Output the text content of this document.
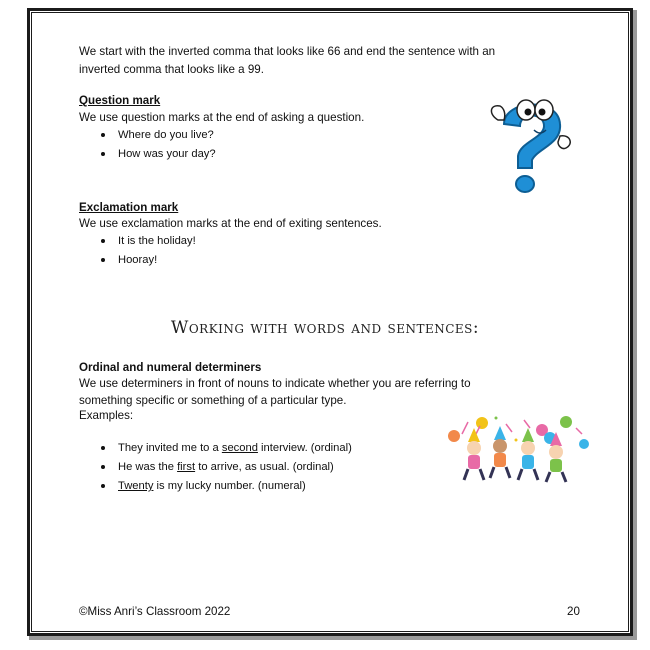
We start with the inverted comma that looks like 66 and end the sentence with an
inverted comma that looks like a 99.
Question mark
We use question marks at the end of asking a question.
Where do you live?
How was your day?
Exclamation mark
We use exclamation marks at the end of exiting sentences.
It is the holiday!
Hooray!
Working with words and sentences:
Ordinal and numeral determiners
We use determiners in front of nouns to indicate whether you are referring to
something specific or something of a particular type.
Examples:
They invited me to a second interview. (ordinal)
He was the first to arrive, as usual. (ordinal)
Twenty is my lucky number. (numeral)
©Miss Anri’s Classroom 2022	20
